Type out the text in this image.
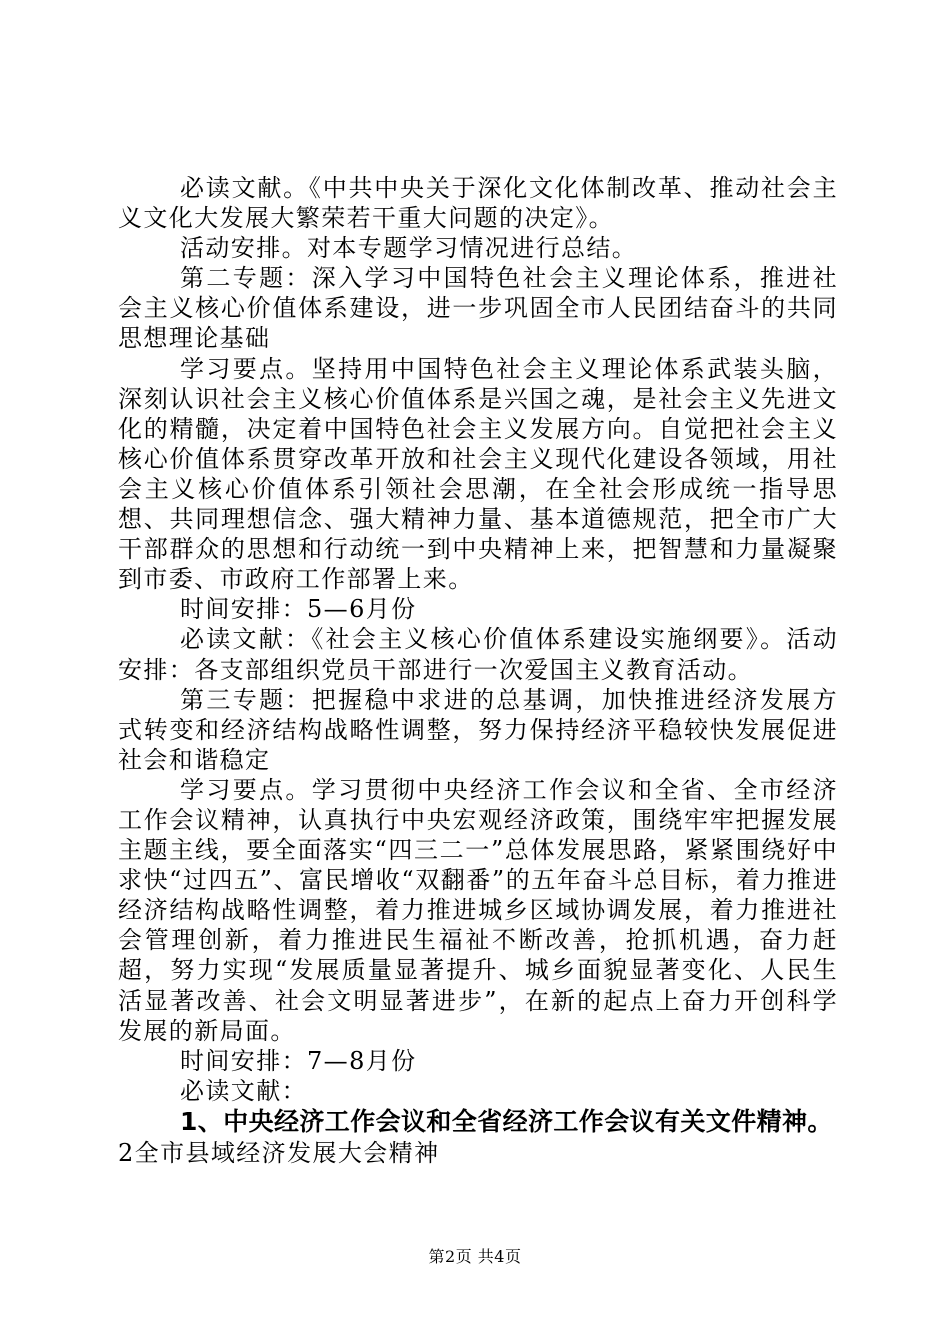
必读文献。《中共中央关于深化文化体制改革、推动社会主义文化大发展大繁荣若干重大问题的决定》。

活动安排。对本专题学习情况进行总结。

第二专题：深入学习中国特色社会主义理论体系，推进社会主义核心价值体系建设，进一步巩固全市人民团结奋斗的共同思想理论基础

学习要点。坚持用中国特色社会主义理论体系武装头脑，深刻认识社会主义核心价值体系是兴国之魂，是社会主义先进文化的精髓，决定着中国特色社会主义发展方向。自觉把社会主义核心价值体系贯穿改革开放和社会主义现代化建设各领域，用社会主义核心价值体系引领社会思潮，在全社会形成统一指导思想、共同理想信念、强大精神力量、基本道德规范，把全市广大干部群众的思想和行动统一到中央精神上来，把智慧和力量凝聚到市委、市政府工作部署上来。

时间安排：5—6月份

必读文献：《社会主义核心价值体系建设实施纲要》。活动安排：各支部组织党员干部进行一次爱国主义教育活动。

第三专题：把握稳中求进的总基调，加快推进经济发展方式转变和经济结构战略性调整，努力保持经济平稳较快发展促进社会和谐稳定

学习要点。学习贯彻中央经济工作会议和全省、全市经济工作会议精神，认真执行中央宏观经济政策，围绕牢牢把握发展主题主线，要全面落实“四三二一”总体发展思路，紧紧围绕好中求快“过四五”、富民增收“双翻番”的五年奋斗总目标，着力推进经济结构战略性调整，着力推进城乡区域协调发展，着力推进社会管理创新，着力推进民生福祉不断改善，抢抓机遇，奋力赶超，努力实现“发展质量显著提升、城乡面貌显著变化、人民生活显著改善、社会文明显著进步”，在新的起点上奋力开创科学发展的新局面。

时间安排：7—8月份

必读文献：

1、中央经济工作会议和全省经济工作会议有关文件精神。

2全市县域经济发展大会精神

第2页 共4页
